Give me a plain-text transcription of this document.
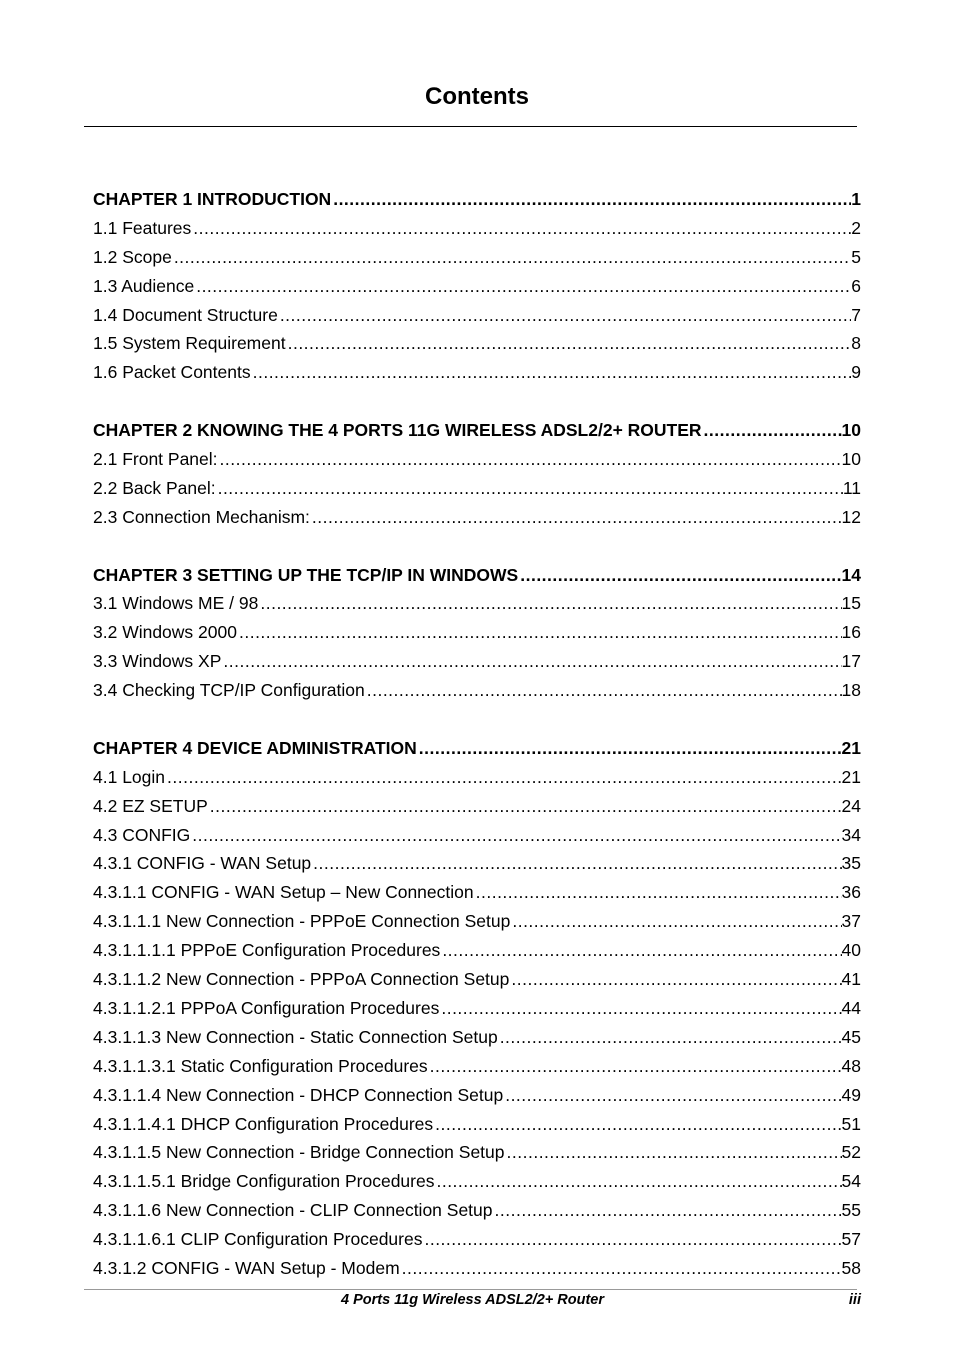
Contents
CHAPTER 1 INTRODUCTION .....	1
1.1 Features .....	2
1.2 Scope .....	5
1.3 Audience .....	6
1.4 Document Structure .....	7
1.5 System Requirement .....	8
1.6 Packet Contents .....	9
CHAPTER 2 KNOWING THE 4 PORTS 11G WIRELESS ADSL2/2+ ROUTER .....	10
2.1 Front Panel: .....	10
2.2 Back Panel: .....	11
2.3 Connection Mechanism: .....	12
CHAPTER 3 SETTING UP THE TCP/IP IN WINDOWS .....	14
3.1 Windows ME / 98 .....	15
3.2 Windows 2000 .....	16
3.3 Windows XP .....	17
3.4 Checking TCP/IP Configuration .....	18
CHAPTER 4 DEVICE ADMINISTRATION .....	21
4.1 Login .....	21
4.2 EZ SETUP .....	24
4.3 CONFIG .....	34
4.3.1 CONFIG - WAN Setup .....	35
4.3.1.1 CONFIG - WAN Setup – New Connection .....	36
4.3.1.1.1 New Connection - PPPoE Connection Setup .....	37
4.3.1.1.1.1 PPPoE Configuration Procedures .....	40
4.3.1.1.2 New Connection - PPPoA Connection Setup .....	41
4.3.1.1.2.1 PPPoA Configuration Procedures .....	44
4.3.1.1.3 New Connection - Static Connection Setup .....	45
4.3.1.1.3.1 Static Configuration Procedures .....	48
4.3.1.1.4 New Connection - DHCP Connection Setup .....	49
4.3.1.1.4.1 DHCP Configuration Procedures .....	51
4.3.1.1.5 New Connection - Bridge Connection Setup .....	52
4.3.1.1.5.1 Bridge Configuration Procedures .....	54
4.3.1.1.6 New Connection - CLIP Connection Setup .....	55
4.3.1.1.6.1 CLIP Configuration Procedures .....	57
4.3.1.2 CONFIG - WAN Setup - Modem .....	58
4 Ports 11g Wireless ADSL2/2+ Router	iii
